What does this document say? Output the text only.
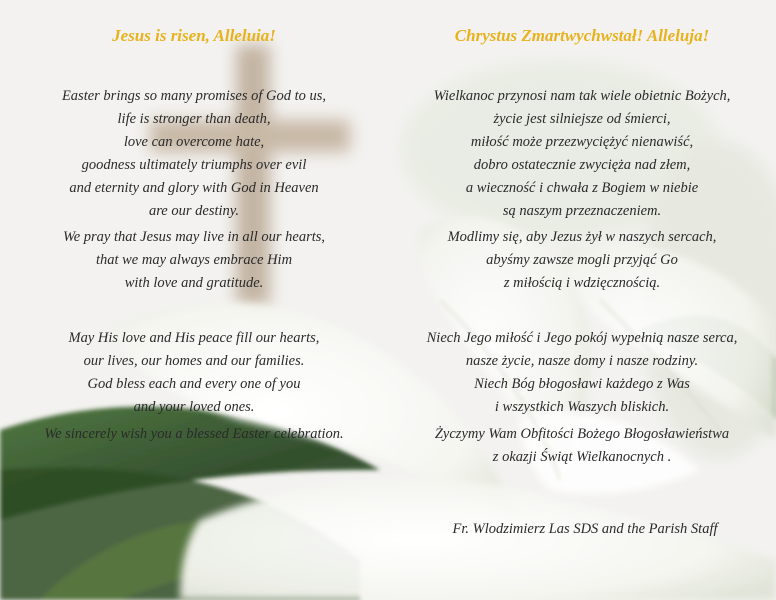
Jesus is risen, Alleluia!
Easter brings so many promises of God to us,
life is stronger than death,
love can overcome hate,
goodness ultimately triumphs over evil
and eternity and glory with God in Heaven
are our destiny.
We pray that Jesus may live in all our hearts,
that we may always embrace Him
with love and gratitude.
May His love and His peace fill our hearts,
our lives, our homes and our families.
God bless each and every one of you
and your loved ones.
We sincerely wish you a blessed Easter celebration.
Chrystus Zmartwychwstał! Alleluja!
Wielkanoc przynosi nam tak wiele obietnic Bożych,
życie jest silniejsze od śmierci,
miłość może przezwyciężyć nienawiść,
dobro ostatecznie zwycięża nad złem,
a wieczność i chwała z Bogiem w niebie
są naszym przeznaczeniem.
Modlimy się, aby Jezus żył w naszych sercach,
abyśmy zawsze mogli przyjąć Go
z miłością i wdzięcznością.
Niech Jego miłość i Jego pokój wypełnią nasze serca,
nasze życie, nasze domy i nasze rodziny.
Niech Bóg błogosławi każdego z Was
i wszystkich Waszych bliskich.
Życzymy Wam Obfitości Bożego Błogosławieństwa
z okazji Świąt Wielkanocnych .
Fr. Wlodzimierz Las SDS and the Parish Staff
